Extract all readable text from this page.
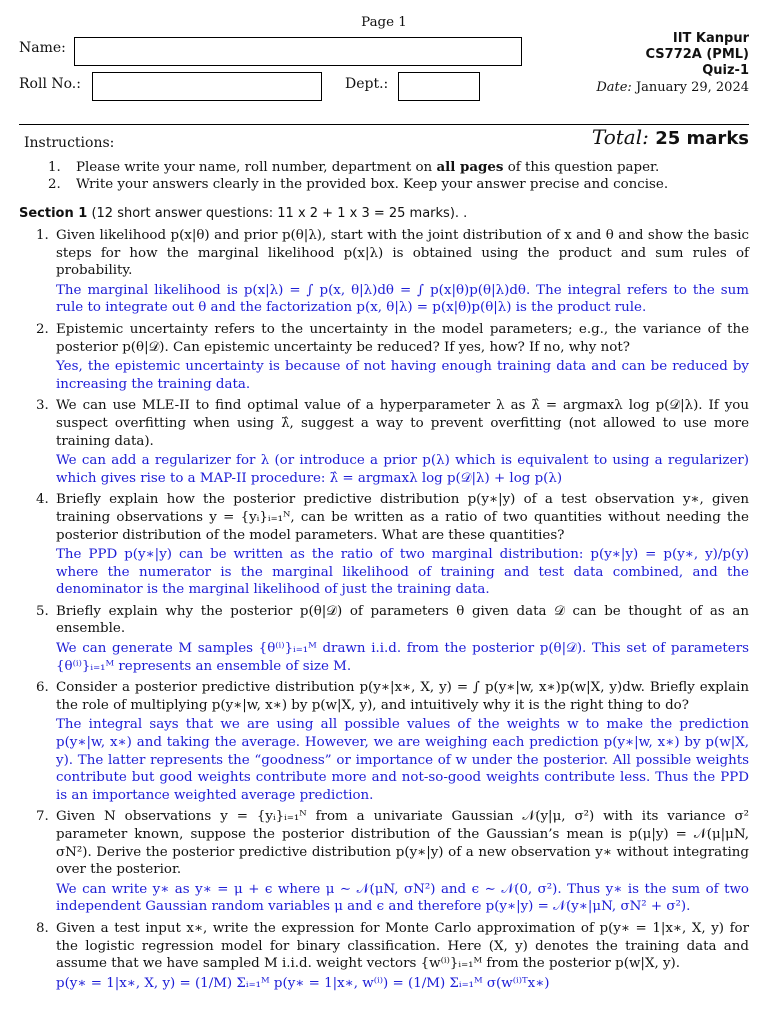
Page 1
Name:
Roll No.:	Dept.:
IIT Kanpur
CS772A (PML)
Quiz-1
Date: January 29, 2024
Instructions:	Total: 25 marks
1. Please write your name, roll number, department on all pages of this question paper.
2. Write your answers clearly in the provided box. Keep your answer precise and concise.
Section 1 (12 short answer questions: 11 x 2 + 1 x 3 = 25 marks). .
1. Given likelihood p(x|θ) and prior p(θ|λ), start with the joint distribution of x and θ and show the basic steps for how the marginal likelihood p(x|λ) is obtained using the product and sum rules of probability.
The marginal likelihood is p(x|λ) = ∫ p(x, θ|λ)dθ = ∫ p(x|θ)p(θ|λ)dθ. The integral refers to the sum rule to integrate out θ and the factorization p(x, θ|λ) = p(x|θ)p(θ|λ) is the product rule.
2. Epistemic uncertainty refers to the uncertainty in the model parameters; e.g., the variance of the posterior p(θ|𝒟). Can epistemic uncertainty be reduced? If yes, how? If no, why not?
Yes, the epistemic uncertainty is because of not having enough training data and can be reduced by increasing the training data.
3. We can use MLE-II to find optimal value of a hyperparameter λ as λ̂ = argmaxλ log p(𝒟|λ). If you suspect overfitting when using λ̂, suggest a way to prevent overfitting (not allowed to use more training data).
We can add a regularizer for λ (or introduce a prior p(λ) which is equivalent to using a regularizer) which gives rise to a MAP-II procedure: λ̂ = argmaxλ log p(𝒟|λ) + log p(λ)
4. Briefly explain how the posterior predictive distribution p(y∗|y) of a test observation y∗, given training observations y = {yᵢ}ᵢ₌₁ᴺ, can be written as a ratio of two quantities without needing the posterior distribution of the model parameters. What are these quantities?
The PPD p(y∗|y) can be written as the ratio of two marginal distribution: p(y∗|y) = p(y∗, y)/p(y) where the numerator is the marginal likelihood of training and test data combined, and the denominator is the marginal likelihood of just the training data.
5. Briefly explain why the posterior p(θ|𝒟) of parameters θ given data 𝒟 can be thought of as an ensemble.
We can generate M samples {θ⁽ⁱ⁾}ᵢ₌₁ᴹ drawn i.i.d. from the posterior p(θ|𝒟). This set of parameters {θ⁽ⁱ⁾}ᵢ₌₁ᴹ represents an ensemble of size M.
6. Consider a posterior predictive distribution p(y∗|x∗, X, y) = ∫ p(y∗|w, x∗)p(w|X, y)dw. Briefly explain the role of multiplying p(y∗|w, x∗) by p(w|X, y), and intuitively why it is the right thing to do?
The integral says that we are using all possible values of the weights w to make the prediction p(y∗|w, x∗) and taking the average. However, we are weighing each prediction p(y∗|w, x∗) by p(w|X, y). The latter represents the “goodness” or importance of w under the posterior. All possible weights contribute but good weights contribute more and not-so-good weights contribute less. Thus the PPD is an importance weighted average prediction.
7. Given N observations y = {yᵢ}ᵢ₌₁ᴺ from a univariate Gaussian 𝒩(y|μ, σ²) with its variance σ² parameter known, suppose the posterior distribution of the Gaussian’s mean is p(μ|y) = 𝒩(μ|μN, σN²). Derive the posterior predictive distribution p(y∗|y) of a new observation y∗ without integrating over the posterior.
We can write y∗ as y∗ = μ + ϵ where μ ∼ 𝒩(μN, σN²) and ϵ ∼ 𝒩(0, σ²). Thus y∗ is the sum of two independent Gaussian random variables μ and ϵ and therefore p(y∗|y) = 𝒩(y∗|μN, σN² + σ²).
8. Given a test input x∗, write the expression for Monte Carlo approximation of p(y∗ = 1|x∗, X, y) for the logistic regression model for binary classification. Here (X, y) denotes the training data and assume that we have sampled M i.i.d. weight vectors {w⁽ⁱ⁾}ᵢ₌₁ᴹ from the posterior p(w|X, y).
p(y∗ = 1|x∗, X, y) = (1/M) Σᵢ₌₁ᴹ p(y∗ = 1|x∗, w⁽ⁱ⁾) = (1/M) Σᵢ₌₁ᴹ σ(w⁽ⁱ⁾ᵀx∗)
